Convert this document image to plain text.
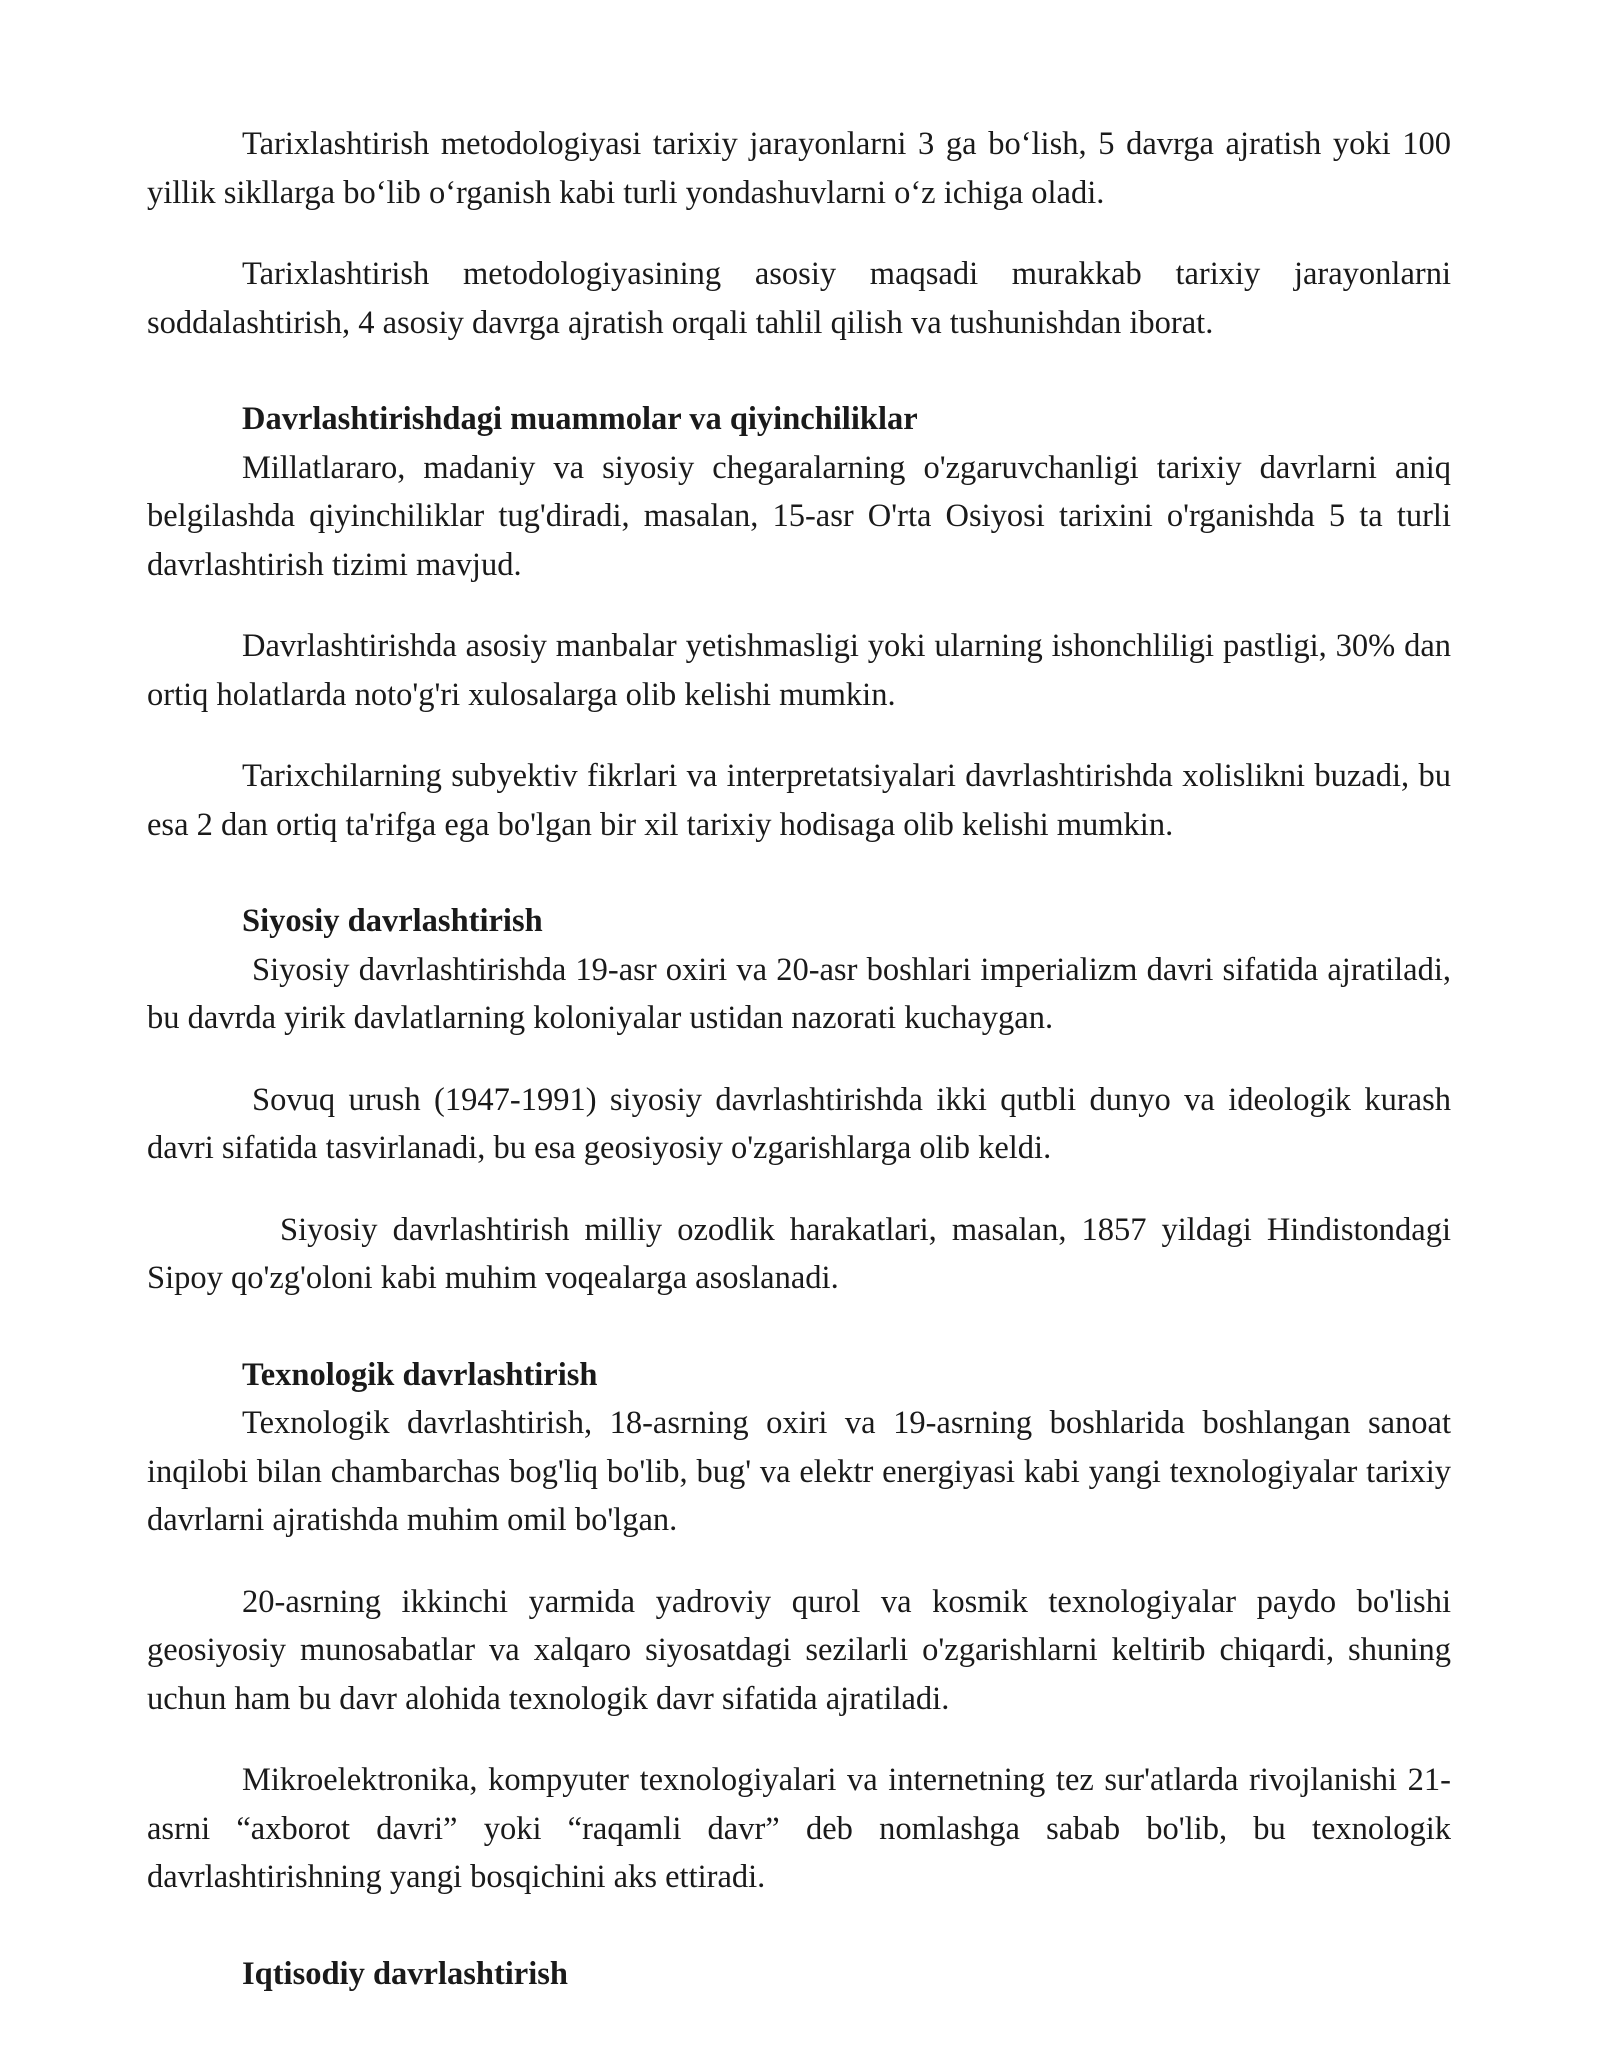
Tarixlashtirish metodologiyasi tarixiy jarayonlarni 3 ga bo‘lish, 5 davrga ajratish yoki 100 yillik sikllarga bo‘lib o‘rganish kabi turli yondashuvlarni o‘z ichiga oladi.

Tarixlashtirish metodologiyasining asosiy maqsadi murakkab tarixiy jarayonlarni soddalashtirish, 4 asosiy davrga ajratish orqali tahlil qilish va tushunishdan iborat.

Davrlashtirishdagi muammolar va qiyinchiliklar

Millatlararo, madaniy va siyosiy chegaralarning o'zgaruvchanligi tarixiy davrlarni aniq belgilashda qiyinchiliklar tug'diradi, masalan, 15-asr O'rta Osiyosi tarixini o'rganishda 5 ta turli davrlashtirish tizimi mavjud.

Davrlashtirishda asosiy manbalar yetishmasligi yoki ularning ishonchliligi pastligi, 30% dan ortiq holatlarda noto'g'ri xulosalarga olib kelishi mumkin.

Tarixchilarning subyektiv fikrlari va interpretatsiyalari davrlashtirishda xolislikni buzadi, bu esa 2 dan ortiq ta'rifga ega bo'lgan bir xil tarixiy hodisaga olib kelishi mumkin.

Siyosiy davrlashtirish

Siyosiy davrlashtirishda 19-asr oxiri va 20-asr boshlari imperializm davri sifatida ajratiladi, bu davrda yirik davlatlarning koloniyalar ustidan nazorati kuchaygan.

Sovuq urush (1947-1991) siyosiy davrlashtirishda ikki qutbli dunyo va ideologik kurash davri sifatida tasvirlanadi, bu esa geosiyosiy o'zgarishlarga olib keldi.

Siyosiy davrlashtirish milliy ozodlik harakatlari, masalan, 1857 yildagi Hindistondagi Sipoy qo'zg'oloni kabi muhim voqealarga asoslanadi.

Texnologik davrlashtirish

Texnologik davrlashtirish, 18-asrning oxiri va 19-asrning boshlarida boshlangan sanoat inqilobi bilan chambarchas bog'liq bo'lib, bug' va elektr energiyasi kabi yangi texnologiyalar tarixiy davrlarni ajratishda muhim omil bo'lgan.

20-asrning ikkinchi yarmida yadroviy qurol va kosmik texnologiyalar paydo bo'lishi geosiyosiy munosabatlar va xalqaro siyosatdagi sezilarli o'zgarishlarni keltirib chiqardi, shuning uchun ham bu davr alohida texnologik davr sifatida ajratiladi.

Mikroelektronika, kompyuter texnologiyalari va internetning tez sur'atlarda rivojlanishi 21-asrni “axborot davri” yoki “raqamli davr” deb nomlashga sabab bo'lib, bu texnologik davrlashtirishning yangi bosqichini aks ettiradi.

Iqtisodiy davrlashtirish
